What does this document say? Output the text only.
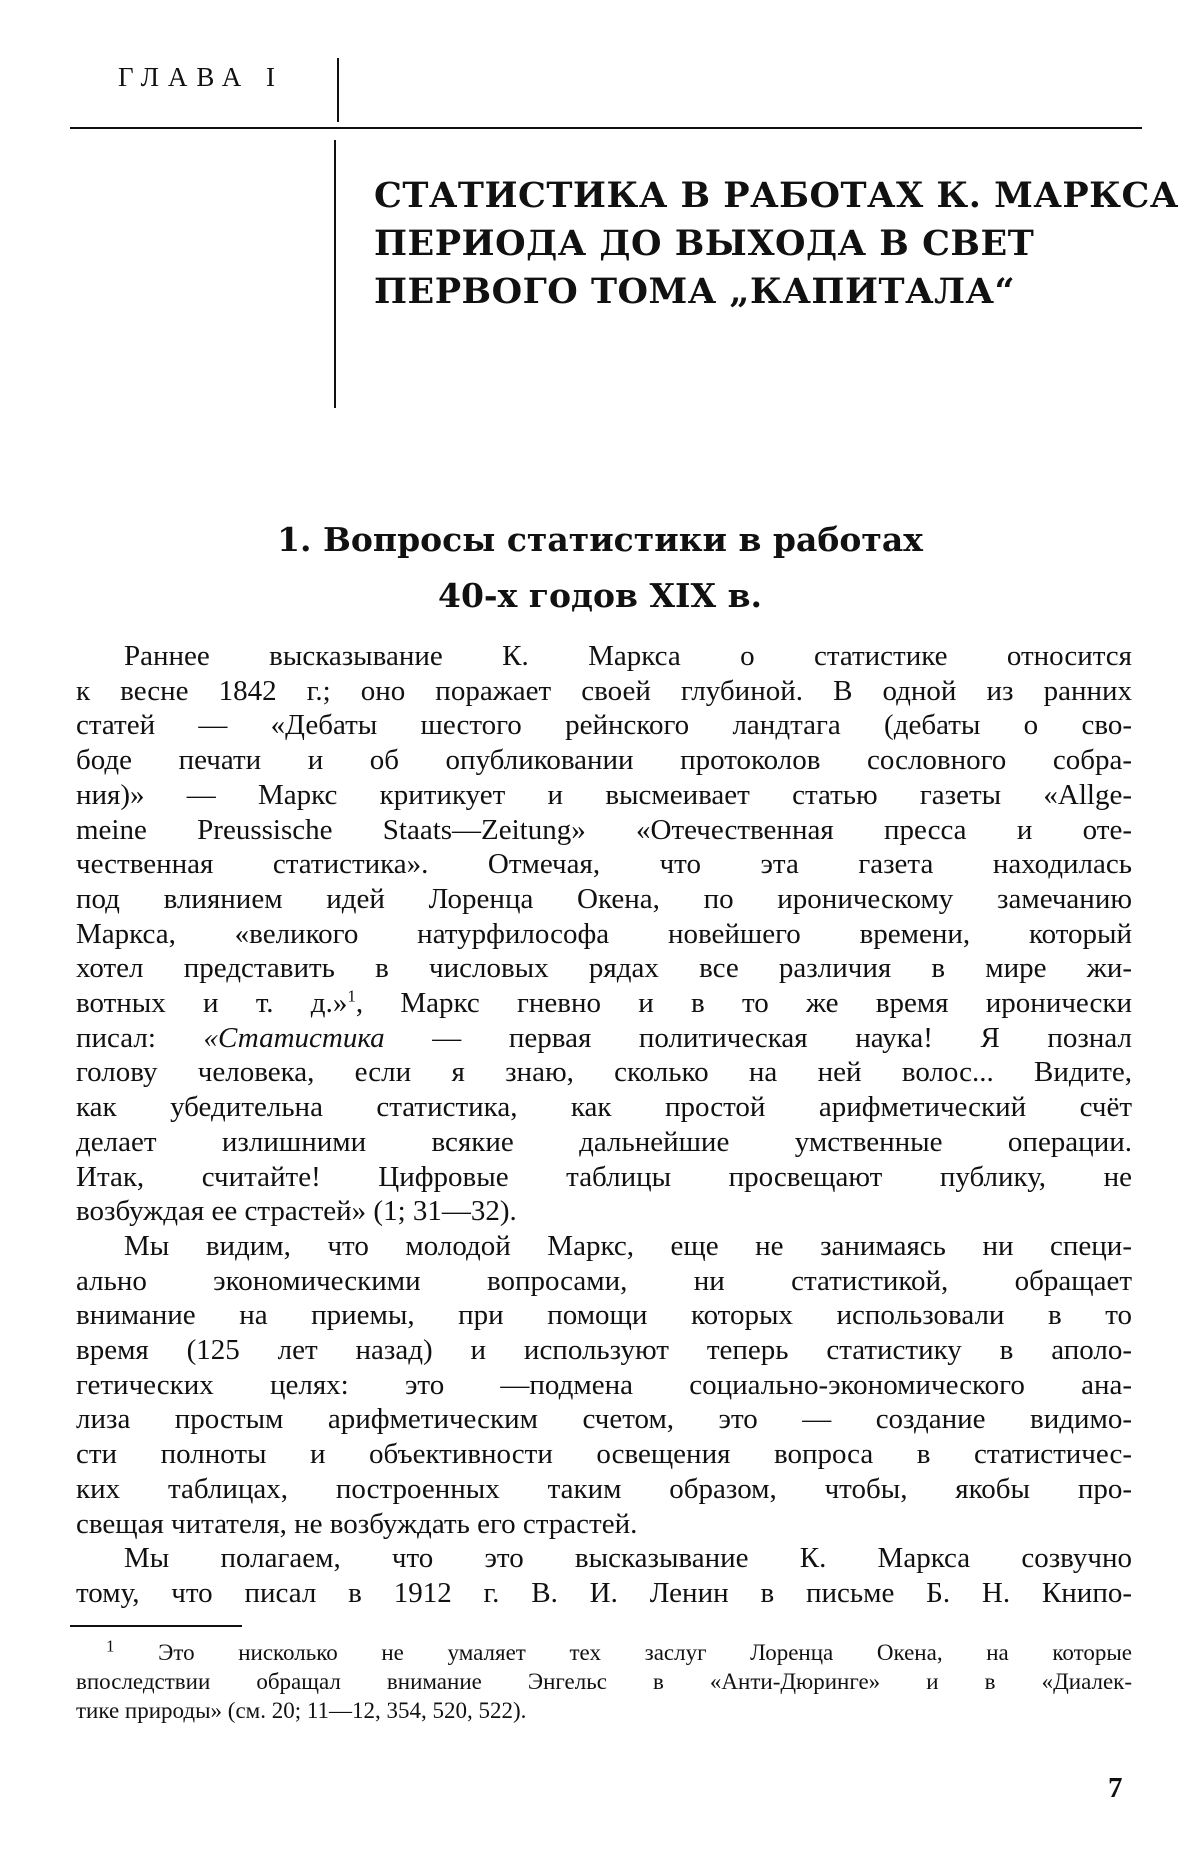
ГЛАВА I
СТАТИСТИКА В РАБОТАХ К. МАРКСА
ПЕРИОДА ДО ВЫХОДА В СВЕТ
ПЕРВОГО ТОМА „КАПИТАЛА“
1. Вопросы статистики в работах
40-х годов XIX в.
Раннее высказывание К. Маркса о статистике относится
к весне 1842 г.; оно поражает своей глубиной. В одной из ранних
статей — «Дебаты шестого рейнского ландтага (дебаты о сво-
боде печати и об опубликовании протоколов сословного собра-
ния)» — Маркс критикует и высмеивает статью газеты «Allge-
meine Preussische Staats—Zeitung» «Отечественная пресса и оте-
чественная статистика». Отмечая, что эта газета находилась
под влиянием идей Лоренца Окена, по ироническому замечанию
Маркса, «великого натурфилософа новейшего времени, который
хотел представить в числовых рядах все различия в мире жи-
вотных и т. д.»$^1$, Маркс гневно и в то же время иронически
писал: «Статистика — первая политическая наука! Я познал
голову человека, если я знаю, сколько на ней волос... Видите,
как убедительна статистика, как простой арифметический счёт
делает излишними всякие дальнейшие умственные операции.
Итак, считайте! Цифровые таблицы просвещают публику, не
возбуждая ее страстей» (1; 31—32).
Мы видим, что молодой Маркс, еще не занимаясь ни специ-
ально экономическими вопросами, ни статистикой, обращает
внимание на приемы, при помощи которых использовали в то
время (125 лет назад) и используют теперь статистику в аполо-
гетических целях: это —подмена социально-экономического ана-
лиза простым арифметическим счетом, это — создание видимо-
сти полноты и объективности освещения вопроса в статистичес-
ких таблицах, построенных таким образом, чтобы, якобы про-
свещая читателя, не возбуждать его страстей.
Мы полагаем, что это высказывание К. Маркса созвучно
тому, что писал в 1912 г. В. И. Ленин в письме Б. Н. Книпо-
$^1$ Это нисколько не умаляет тех заслуг Лоренца Окена, на которые
впоследствии обращал внимание Энгельс в «Анти-Дюринге» и в «Диалек-
тике природы» (см. 20; 11—12, 354, 520, 522).
7
